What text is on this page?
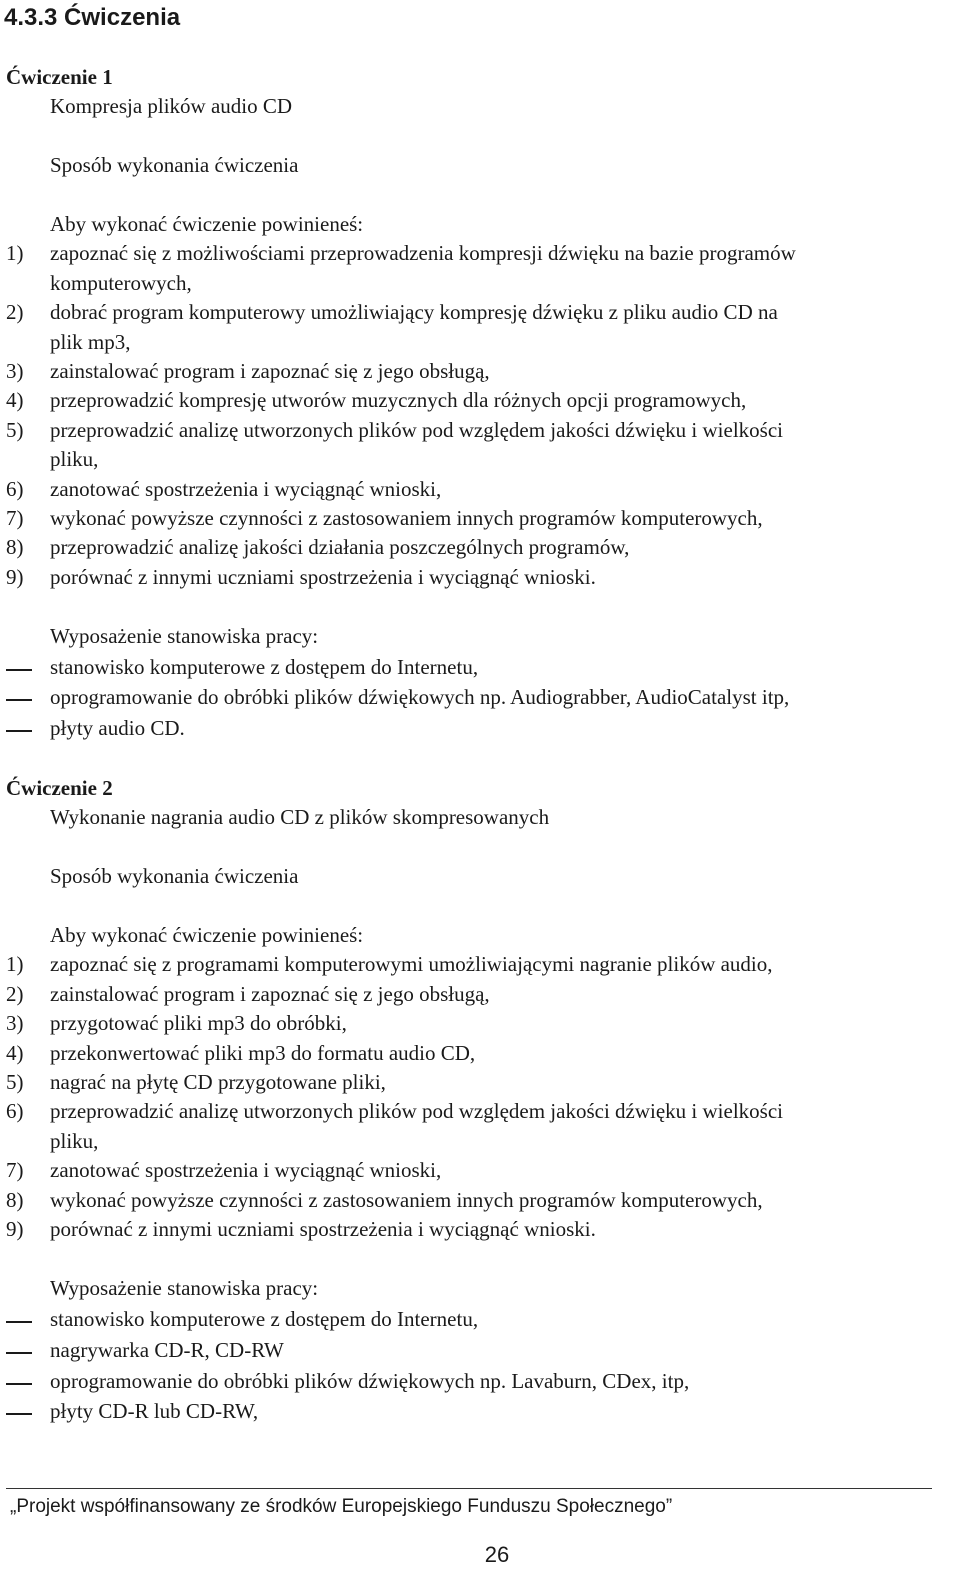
4.3.3 Ćwiczenia
Ćwiczenie 1
Kompresja plików audio CD
Sposób wykonania ćwiczenia
Aby wykonać ćwiczenie powinieneś:
1) zapoznać się z możliwościami przeprowadzenia kompresji dźwięku na bazie programów
komputerowych,
2) dobrać program komputerowy umożliwiający kompresję dźwięku z pliku audio CD na
plik mp3,
3) zainstalować program i zapoznać się z jego obsługą,
4) przeprowadzić kompresję utworów muzycznych dla różnych opcji programowych,
5) przeprowadzić analizę utworzonych plików pod względem jakości dźwięku i wielkości
pliku,
6) zanotować spostrzeżenia i wyciągnąć wnioski,
7) wykonać powyższe czynności z zastosowaniem innych programów komputerowych,
8) przeprowadzić analizę jakości działania poszczególnych programów,
9) porównać z innymi uczniami spostrzeżenia i wyciągnąć wnioski.
Wyposażenie stanowiska pracy:
stanowisko komputerowe z dostępem do Internetu,
oprogramowanie do obróbki plików dźwiękowych np. Audiograbber, AudioCatalyst itp,
płyty audio CD.
Ćwiczenie 2
Wykonanie nagrania audio CD z plików skompresowanych
Sposób wykonania ćwiczenia
Aby wykonać ćwiczenie powinieneś:
1) zapoznać się z programami komputerowymi umożliwiającymi nagranie plików audio,
2) zainstalować program i zapoznać się z jego obsługą,
3) przygotować pliki mp3 do obróbki,
4) przekonwertować pliki mp3 do formatu audio CD,
5) nagrać na płytę CD przygotowane pliki,
6) przeprowadzić analizę utworzonych plików pod względem jakości dźwięku i wielkości
pliku,
7) zanotować spostrzeżenia i wyciągnąć wnioski,
8) wykonać powyższe czynności z zastosowaniem innych programów komputerowych,
9) porównać z innymi uczniami spostrzeżenia i wyciągnąć wnioski.
Wyposażenie stanowiska pracy:
stanowisko komputerowe z dostępem do Internetu,
nagrywarka CD-R, CD-RW
oprogramowanie do obróbki plików dźwiękowych np. Lavaburn, CDex, itp,
płyty CD-R lub CD-RW,
„Projekt współfinansowany ze środków Europejskiego Funduszu Społecznego”
26
